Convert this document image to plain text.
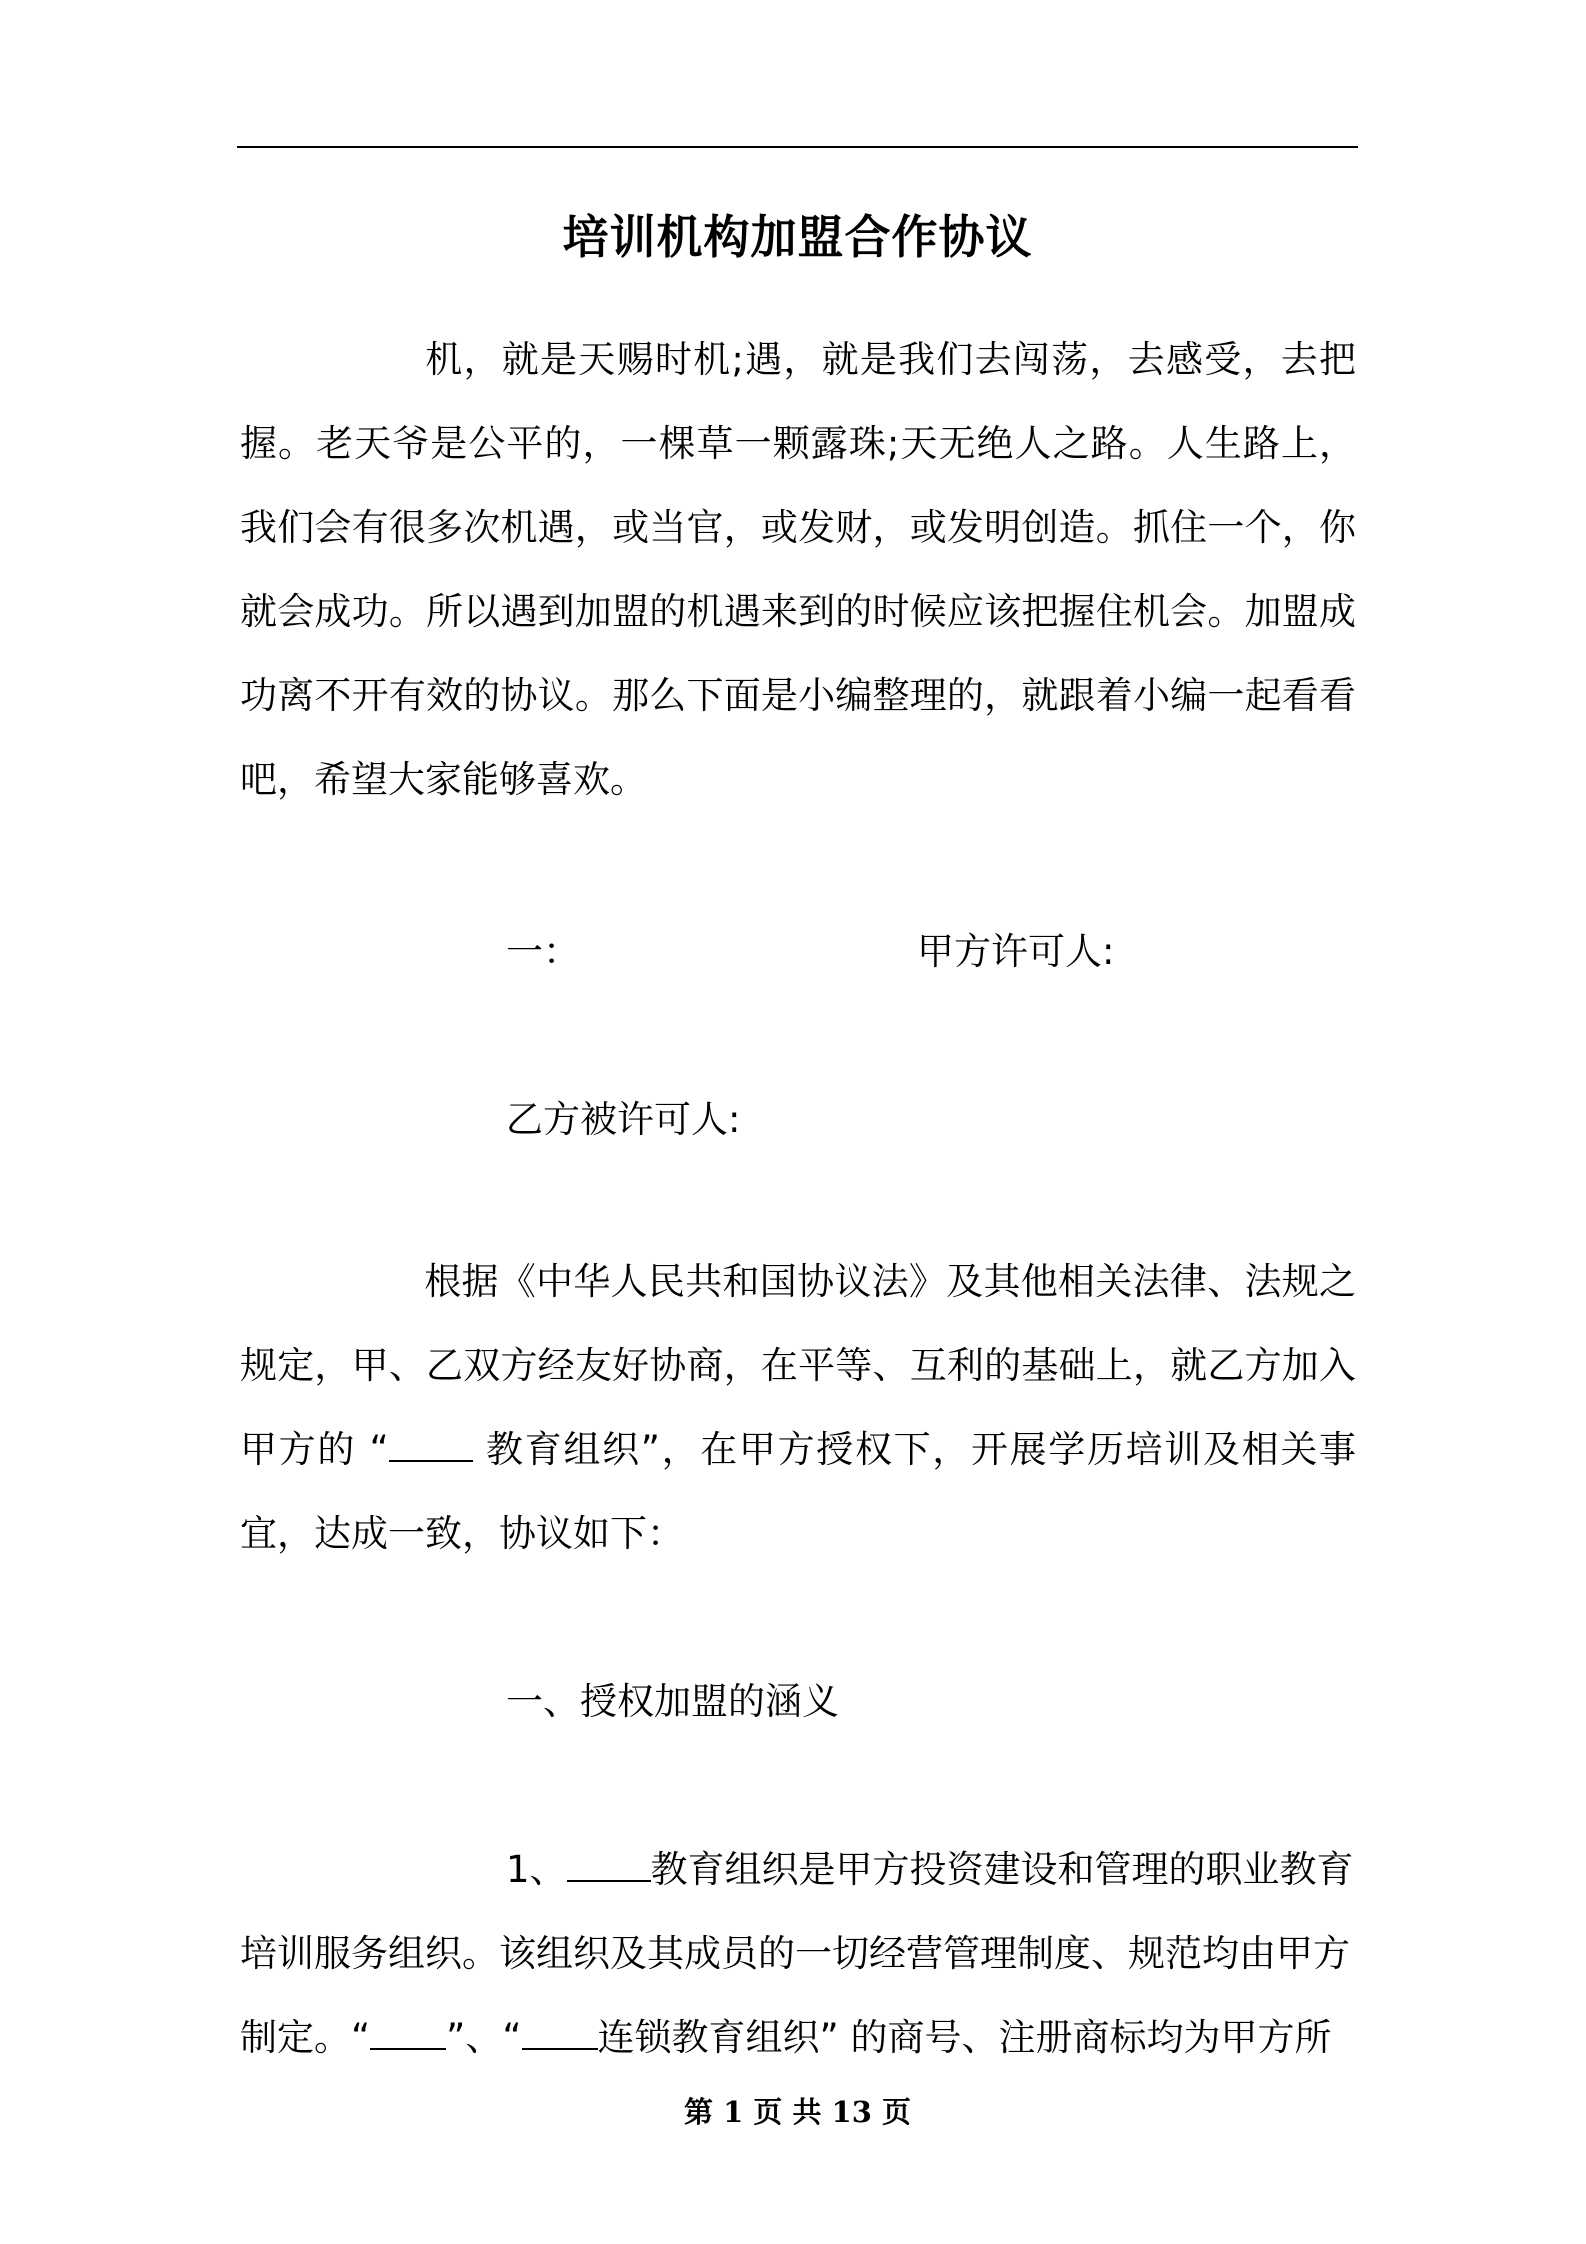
培训机构加盟合作协议

机，就是天赐时机;遇，就是我们去闯荡，去感受，去把握。老天爷是公平的，一棵草一颗露珠;天无绝人之路。人生路上，我们会有很多次机遇，或当官，或发财，或发明创造。抓住一个，你就会成功。所以遇到加盟的机遇来到的时候应该把握住机会。加盟成功离不开有效的协议。那么下面是小编整理的，就跟着小编一起看看吧，希望大家能够喜欢。

一：	甲方许可人:
乙方被许可人:

根据《中华人民共和国协议法》及其他相关法律、法规之规定，甲、乙双方经友好协商，在平等、互利的基础上，就乙方加入甲方的 “ 教育组织”，在甲方授权下，开展学历培训及相关事宜，达成一致，协议如下：

一、授权加盟的涵义
1、 教育组织是甲方投资建设和管理的职业教育
培训服务组织。该组织及其成员的一切经营管理制度、规范均由甲方
制定。“ ”、“ 连锁教育组织” 的商号、注册商标均为甲方所
第 1 页 共 13 页
